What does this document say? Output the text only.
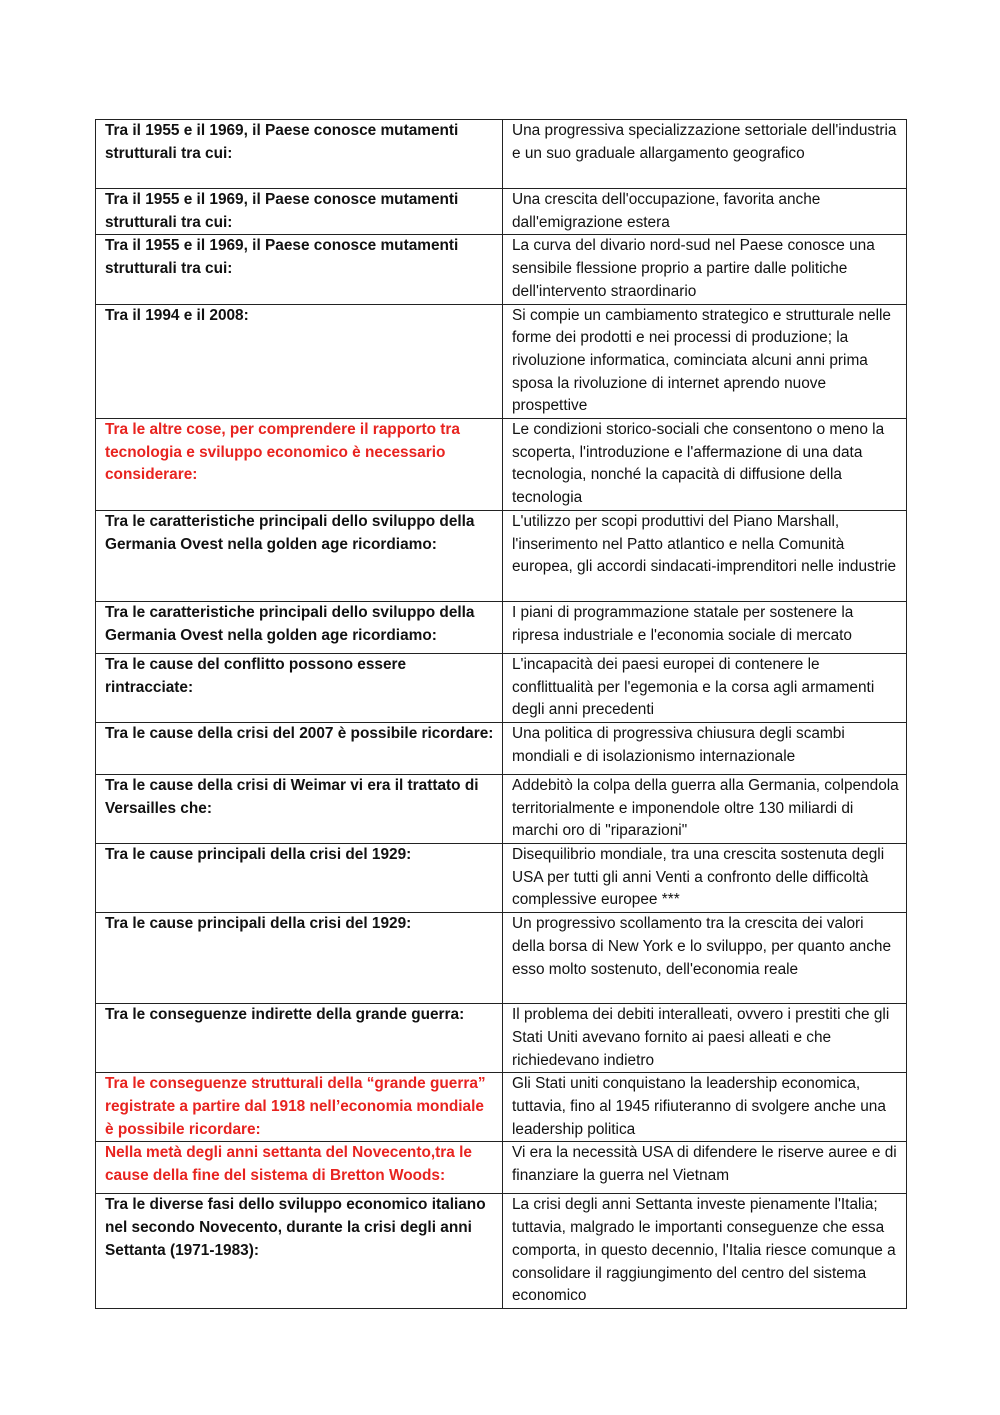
Tra il 1955 e il 1969, il Paese conosce mutamenti strutturali tra cui:	Una progressiva specializzazione settoriale dell'industria e un suo graduale allargamento geografico
Tra il 1955 e il 1969, il Paese conosce mutamenti strutturali tra cui:	Una crescita dell'occupazione, favorita anche dall'emigrazione estera
Tra il 1955 e il 1969, il Paese conosce mutamenti strutturali tra cui:	La curva del divario nord-sud nel Paese conosce una sensibile flessione proprio a partire dalle politiche dell'intervento straordinario
Tra il 1994 e il 2008:	Si compie un cambiamento strategico e strutturale nelle forme dei prodotti e nei processi di produzione; la rivoluzione informatica, cominciata alcuni anni prima sposa la rivoluzione di internet aprendo nuove prospettive
Tra le altre cose, per comprendere il rapporto tra tecnologia e sviluppo economico è necessario considerare:	Le condizioni storico-sociali che consentono o meno la scoperta, l'introduzione e l'affermazione di una data tecnologia, nonché la capacità di diffusione della tecnologia
Tra le caratteristiche principali dello sviluppo della Germania Ovest nella golden age ricordiamo:	L'utilizzo per scopi produttivi del Piano Marshall, l'inserimento nel Patto atlantico e nella Comunità europea, gli accordi sindacati-imprenditori nelle industrie
Tra le caratteristiche principali dello sviluppo della Germania Ovest nella golden age ricordiamo:	I piani di programmazione statale per sostenere la ripresa industriale e l'economia sociale di mercato
Tra le cause del conflitto possono essere rintracciate:	L'incapacità dei paesi europei di contenere le conflittualità per l'egemonia e la corsa agli armamenti degli anni precedenti
Tra le cause della crisi del 2007 è possibile ricordare:	Una politica di progressiva chiusura degli scambi mondiali e di isolazionismo internazionale
Tra le cause della crisi di Weimar vi era il trattato di Versailles che:	Addebitò la colpa della guerra alla Germania, colpendola territorialmente e imponendole oltre 130 miliardi di marchi oro di "riparazioni"
Tra le cause principali della crisi del 1929:	Disequilibrio mondiale, tra una crescita sostenuta degli USA per tutti gli anni Venti a confronto delle difficoltà complessive europee ***
Tra le cause principali della crisi del 1929:	Un progressivo scollamento tra la crescita dei valori della borsa di New York e lo sviluppo, per quanto anche esso molto sostenuto, dell'economia reale
Tra le conseguenze indirette della grande guerra:	Il problema dei debiti interalleati, ovvero i prestiti che gli Stati Uniti avevano fornito ai paesi alleati e che richiedevano indietro
Tra le conseguenze strutturali della “grande guerra” registrate a partire dal 1918 nell’economia mondiale è possibile ricordare:	Gli Stati uniti conquistano la leadership economica, tuttavia, fino al 1945 rifiuteranno di svolgere anche una leadership politica
Nella metà degli anni settanta del Novecento,tra le cause della fine del sistema di Bretton Woods:	Vi era la necessità USA di difendere le riserve auree e di finanziare la guerra nel Vietnam
Tra le diverse fasi dello sviluppo economico italiano nel secondo Novecento, durante la crisi degli anni Settanta (1971-1983):	La crisi degli anni Settanta investe pienamente l'Italia; tuttavia, malgrado le importanti conseguenze che essa comporta, in questo decennio, l'Italia riesce comunque a consolidare il raggiungimento del centro del sistema economico
